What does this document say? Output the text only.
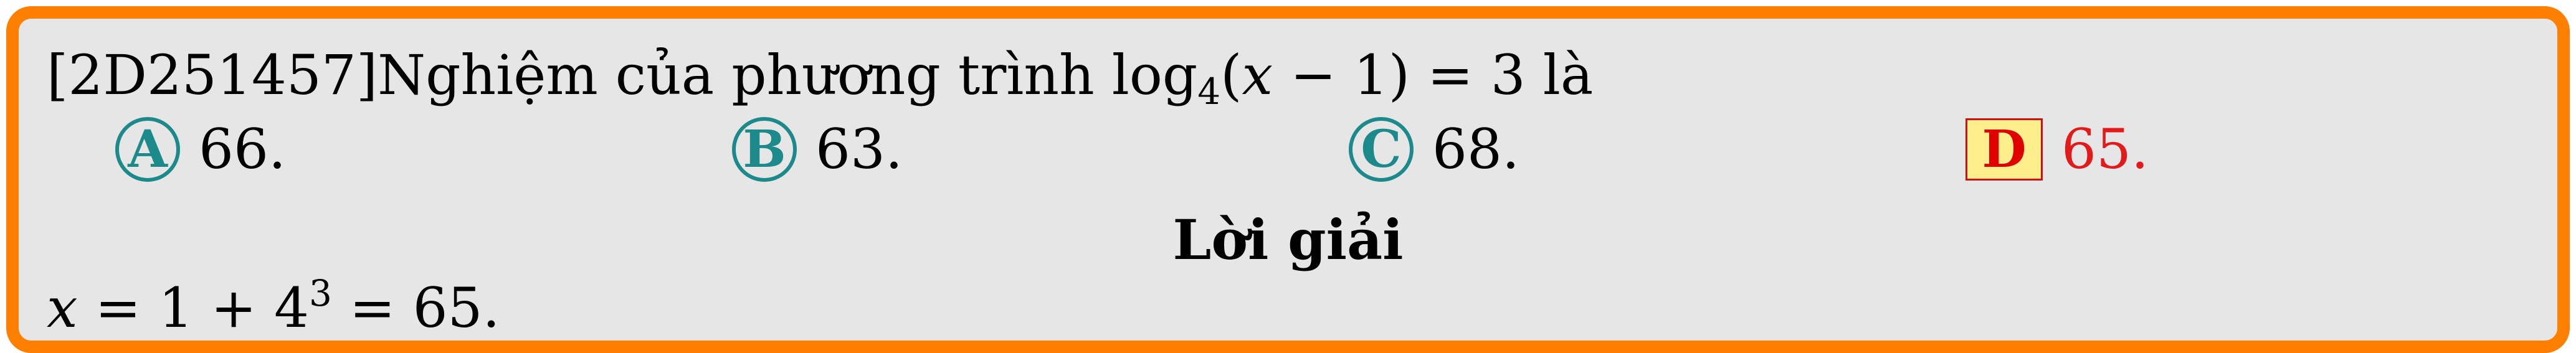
[2D251457]Nghiệm của phương trình $\log_4(x - 1) = 3$ là
A 66.	B 63.	C 68.	D 65.
Lời giải
$x = 1 + 4^3 = 65$.
